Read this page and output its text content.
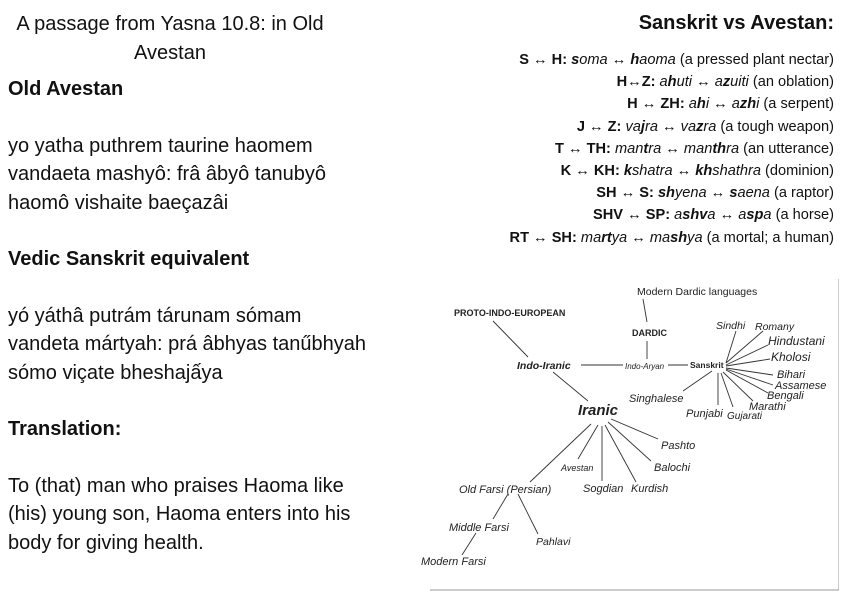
A passage from Yasna 10.8: in Old Avestan
Old Avestan
yo yatha puthrem taurine haomem
vandaeta mashyô: frâ âbyô tanubyô
haomô vishaite baeçazâi
Vedic Sanskrit equivalent
yó yáthâ putrám tárunam sómam
vandeta mártyah: prá âbhyas tanűbhyah
sómo viçate bheshajấya
Translation:
To (that) man who praises Haoma like
(his) young son, Haoma enters into his
body for giving health.
Sanskrit vs Avestan:
S ↔ H: soma ↔ haoma (a pressed plant nectar)
H↔Z: ahuti ↔ azuiti (an oblation)
H ↔ ZH: ahi ↔ azhi (a serpent)
J ↔ Z: vajra ↔ vazra (a tough weapon)
T ↔ TH: mantra ↔ manthra (an utterance)
K ↔ KH: kshatra ↔ khshathra (dominion)
SH ↔ S: shyena ↔ saena (a raptor)
SHV ↔ SP: ashva ↔ aspa (a horse)
RT ↔ SH: martya ↔ mashya (a mortal; a human)
PROTO-INDO-EUROPEAN
Indo-Iranic	Indo-Aryan
DARDIC
Modern Dardic languages
Sanskrit
Sindhi Romany
Hindustani
Kholosi
Bihari
Assamese
Bengali
Marathi
Gujarati
Punjabi
Singhalese
Iranic
Pashto
Balochi
Kurdish
Sogdian
Avestan
Old Farsi (Persian)
Middle Farsi
Pahlavi
Modern Farsi
